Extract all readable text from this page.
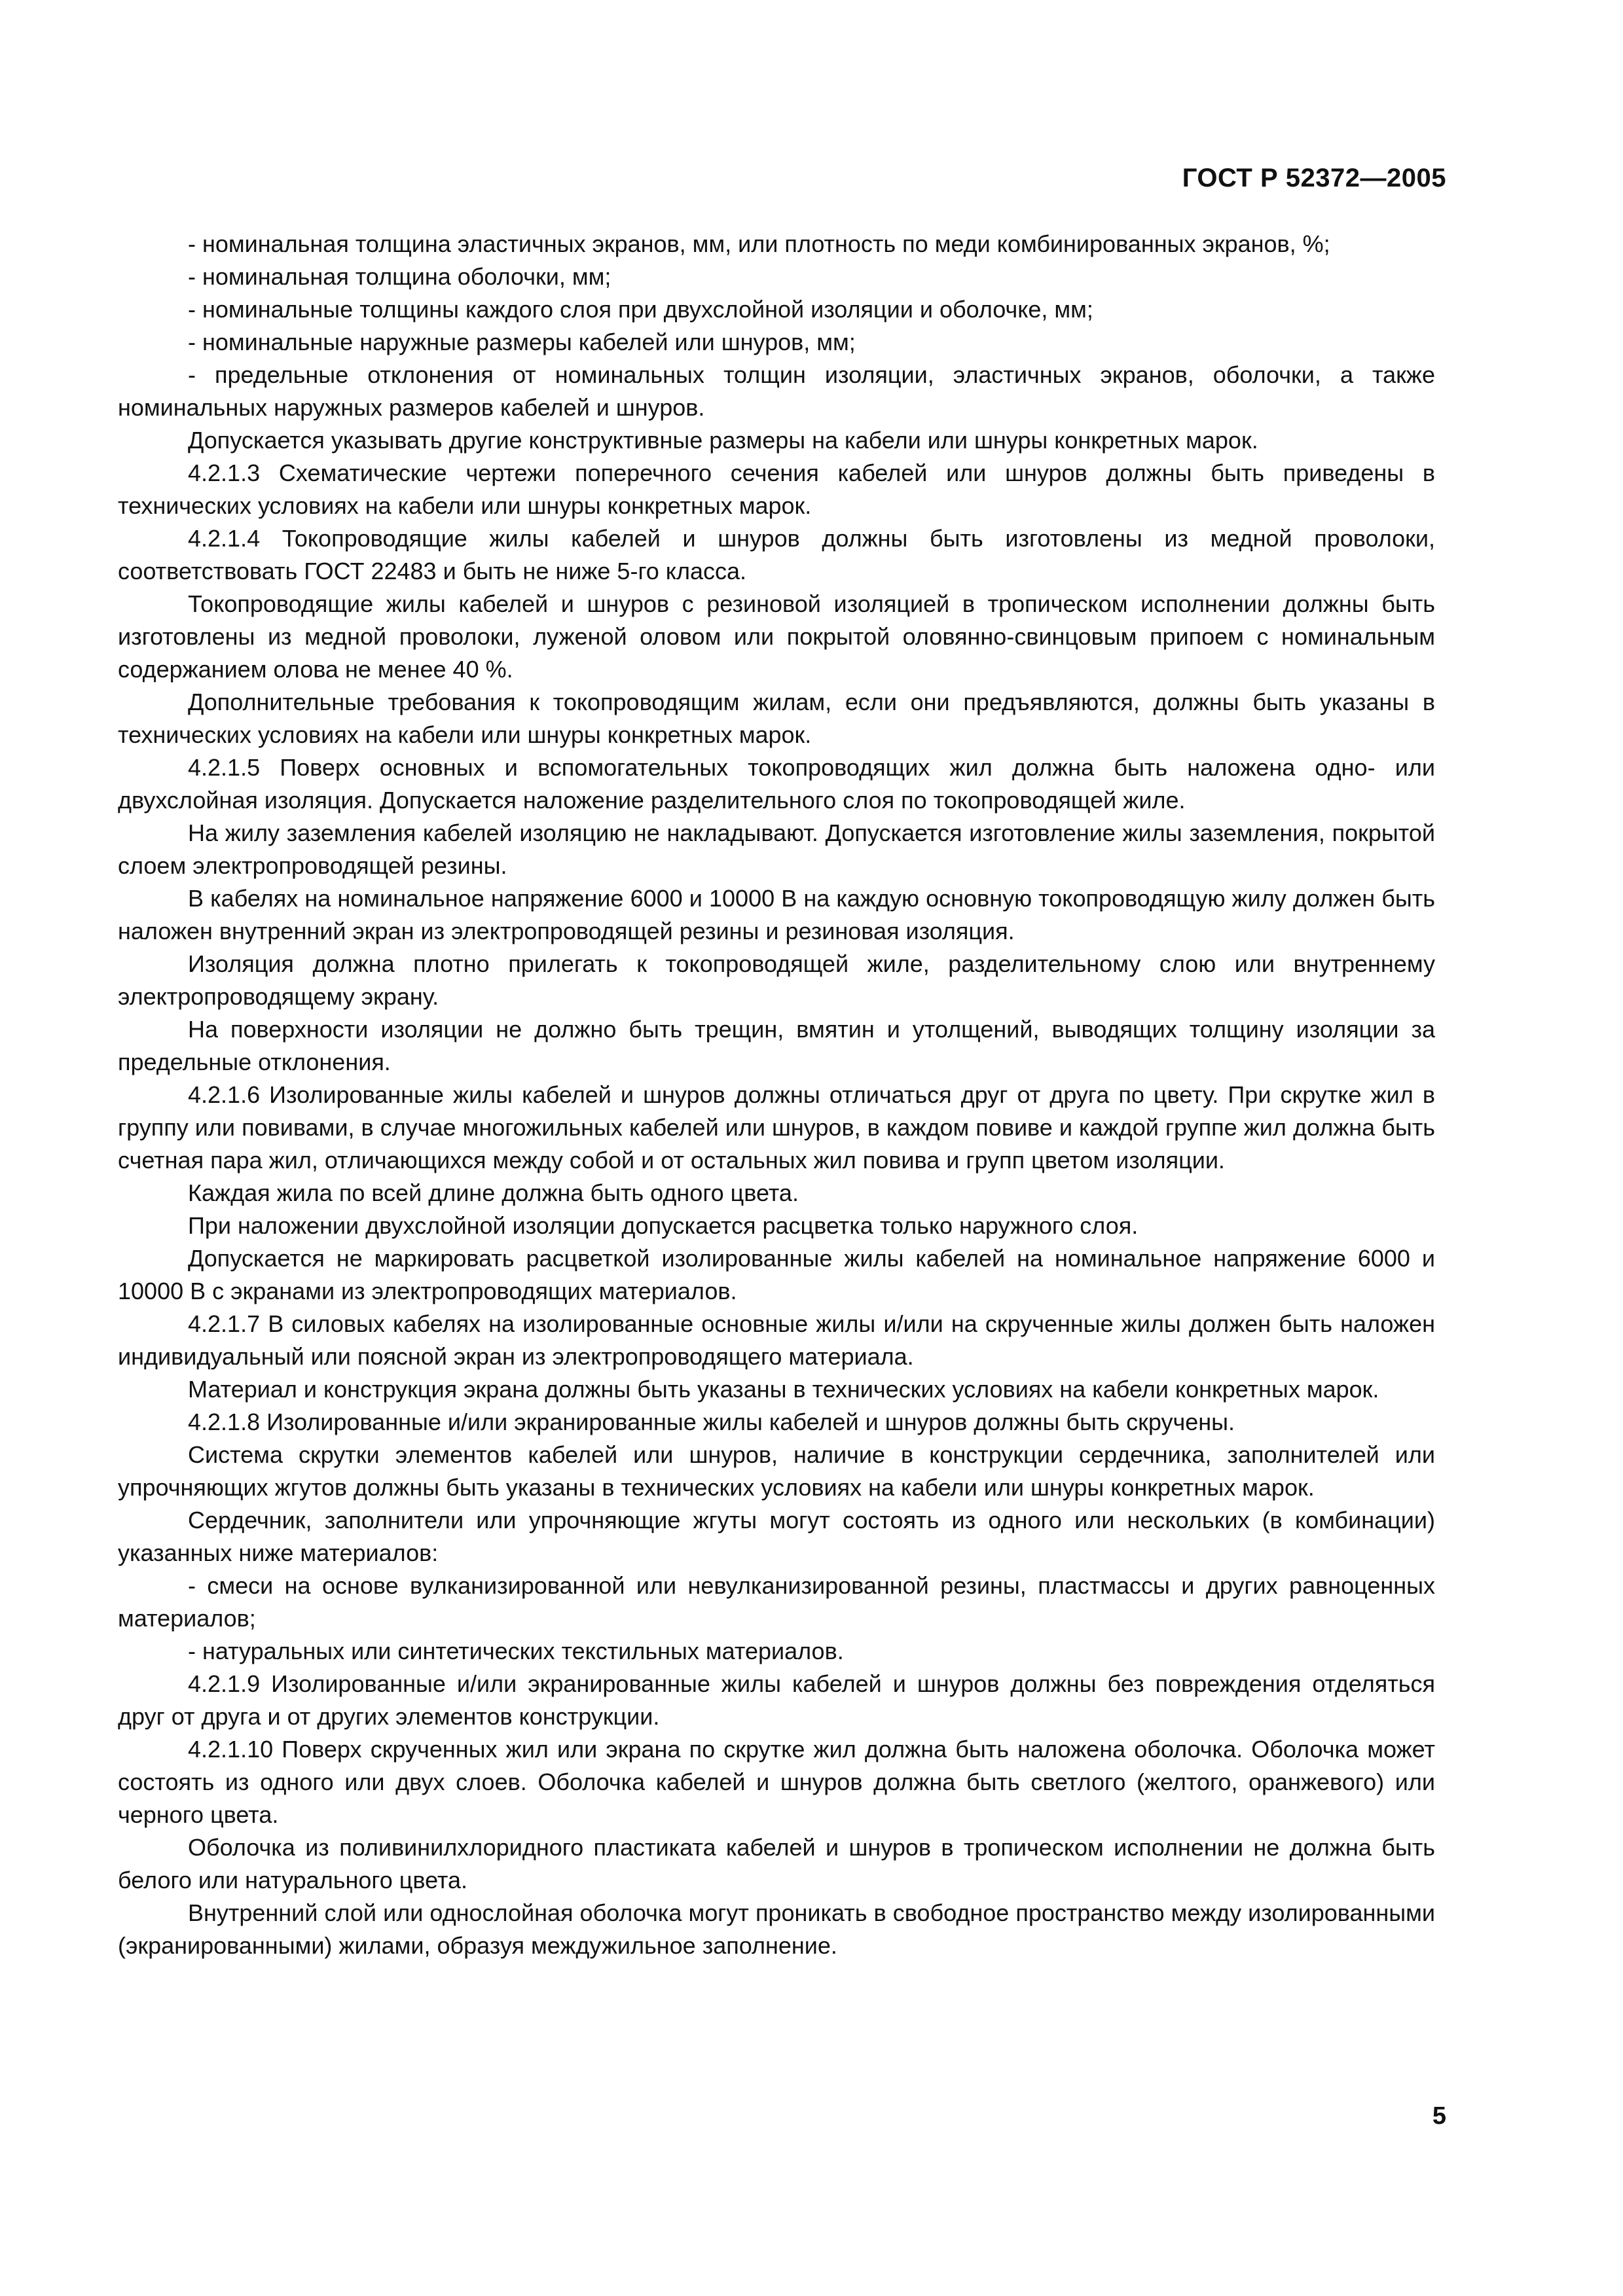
ГОСТ Р 52372—2005

- номинальная толщина эластичных экранов, мм, или плотность по меди комбинированных экранов, %;

- номинальная толщина оболочки, мм;

- номинальные толщины каждого слоя при двухслойной изоляции и оболочке, мм;

- номинальные наружные размеры кабелей или шнуров, мм;

- предельные отклонения от номинальных толщин изоляции, эластичных экранов, оболочки, а также номинальных наружных размеров кабелей и шнуров.

Допускается указывать другие конструктивные размеры на кабели или шнуры конкретных марок.

4.2.1.3 Схематические чертежи поперечного сечения кабелей или шнуров должны быть приведены в технических условиях на кабели или шнуры конкретных марок.

4.2.1.4 Токопроводящие жилы кабелей и шнуров должны быть изготовлены из медной проволоки, соответствовать ГОСТ 22483 и быть не ниже 5-го класса.

Токопроводящие жилы кабелей и шнуров с резиновой изоляцией в тропическом исполнении должны быть изготовлены из медной проволоки, луженой оловом или покрытой оловянно-свинцовым припоем с номинальным содержанием олова не менее 40 %.

Дополнительные требования к токопроводящим жилам, если они предъявляются, должны быть указаны в технических условиях на кабели или шнуры конкретных марок.

4.2.1.5 Поверх основных и вспомогательных токопроводящих жил должна быть наложена одно- или двухслойная изоляция. Допускается наложение разделительного слоя по токопроводящей жиле.

На жилу заземления кабелей изоляцию не накладывают. Допускается изготовление жилы заземления, покрытой слоем электропроводящей резины.

В кабелях на номинальное напряжение 6000 и 10000 В на каждую основную токопроводящую жилу должен быть наложен внутренний экран из электропроводящей резины и резиновая изоляция.

Изоляция должна плотно прилегать к токопроводящей жиле, разделительному слою или внутреннему электропроводящему экрану.

На поверхности изоляции не должно быть трещин, вмятин и утолщений, выводящих толщину изоляции за предельные отклонения.

4.2.1.6 Изолированные жилы кабелей и шнуров должны отличаться друг от друга по цвету. При скрутке жил в группу или повивами, в случае многожильных кабелей или шнуров, в каждом повиве и каждой группе жил должна быть счетная пара жил, отличающихся между собой и от остальных жил повива и групп цветом изоляции.

Каждая жила по всей длине должна быть одного цвета.

При наложении двухслойной изоляции допускается расцветка только наружного слоя.

Допускается не маркировать расцветкой изолированные жилы кабелей на номинальное напряжение 6000 и 10000 В с экранами из электропроводящих материалов.

4.2.1.7 В силовых кабелях на изолированные основные жилы и/или на скрученные жилы должен быть наложен индивидуальный или поясной экран из электропроводящего материала.

Материал и конструкция экрана должны быть указаны в технических условиях на кабели конкретных марок.

4.2.1.8 Изолированные и/или экранированные жилы кабелей и шнуров должны быть скручены.

Система скрутки элементов кабелей или шнуров, наличие в конструкции сердечника, заполнителей или упрочняющих жгутов должны быть указаны в технических условиях на кабели или шнуры конкретных марок.

Сердечник, заполнители или упрочняющие жгуты могут состоять из одного или нескольких (в комбинации) указанных ниже материалов:

- смеси на основе вулканизированной или невулканизированной резины, пластмассы и других равноценных материалов;

- натуральных или синтетических текстильных материалов.

4.2.1.9 Изолированные и/или экранированные жилы кабелей и шнуров должны без повреждения отделяться друг от друга и от других элементов конструкции.

4.2.1.10 Поверх скрученных жил или экрана по скрутке жил должна быть наложена оболочка. Оболочка может состоять из одного или двух слоев. Оболочка кабелей и шнуров должна быть светлого (желтого, оранжевого) или черного цвета.

Оболочка из поливинилхлоридного пластиката кабелей и шнуров в тропическом исполнении не должна быть белого или натурального цвета.

Внутренний слой или однослойная оболочка могут проникать в свободное пространство между изолированными (экранированными) жилами, образуя междужильное заполнение.

5
